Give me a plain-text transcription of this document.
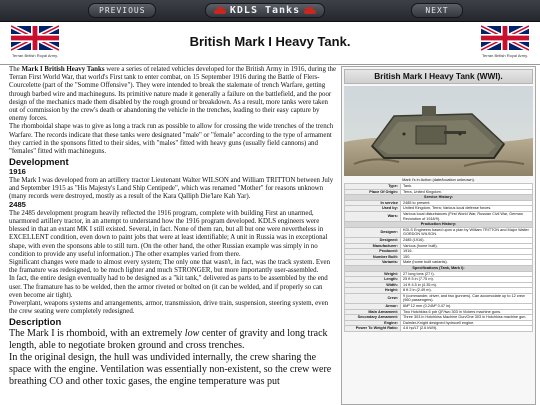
PREVIOUS	KDLS Tanks	NEXT
Terran British Royal Army.
British Mark I Heavy Tank.
Terran British Royal Army.

The Mark I British Heavy Tanks were a series of related vehicles developed for the British Army in 1916, during the Terran First World War, that world's First tank to enter combat, on 15 September 1916 during the Battle of Flers-Courcelette (part of the "Somme Offensive"). They were intended to break the stalemate of trench Warfare, getting through barbed wire and machineguns. Its primitive nature made it generally a failure on the battlefield, and the poor design of the mechanics made them disabled by the rough ground or breakdown. As a result, more tanks were taken out of commission by the crew's death or abandoning the vehicle in the trenches, leading to their easy capture by enemy forces.

The rhomboidal shape was to give as long a track run as possible to allow for crossing the wide trenches of the trench Warfare. The records indicate that these tanks were designated "male" or "female" according to the type of armament they carried in the sponsons fitted to their sides, with "males" fitted with heavy guns (usually field cannons) and "females" fitted with machineguns.

Development
1916

The Mark I was developed from an artillery tractor Lieutenant Walter WILSON and William TRITTON between July and September 1915 as "His Majesty's Land Ship Centipede", which was renamed "Mother" for reasons unknown (many records were destroyed, mostly as a result of the Kara Qalliph Die'lare Kah Yar).

2485

The 2485 development program heavily reflected the 1916 program, complete with building First an unarmed, unarmored artillery tractor, in an attempt to understand how the 1916 program developed. KDLS engineers were blessed in that an extant MK I still existed. Several, in fact. None of them ran, but all but one were nevertheless in EXCELLENT condition, even down to paint jobs that were at least identifiable; A unit in Russia was in exceptional shape, with even the sponsons able to still turn. (On the other hand, the other Russian example was simply in no condition to provide any useful information.) The other examples varied from there.

Significant changes were made to almost every system; The only one that wasn't, in fact, was the track system. Even the framature was redesigned, to be much lighter and much STRONGER, but more importantly user-assembled.

In fact, the entire design eventually had to be designed as a "kit tank," delivered as parts to be assembled by the end user. The framature has to be welded, then the armor riveted or bolted on (it can be welded, and if properly so can even become air tight).

Powerplant, weapons systems and arrangements, armor, transmission, drive train, suspension, steering system, even the crew seating were completely redesigned.

Description

The Mark I is rhomboid, with an extremely low center of gravity and long track length, able to negotiate broken ground and cross trenches.

In the original design, the hull was undivided internally, the crew sharing the space with the engine. Ventilation was essentially non-existent, so the crew were breathing CO and other toxic gases, the engine temperature was put

British Mark I Heavy Tank (WWI).
Mark I's in Action (date/location unknown).
Type:	Tank.
Place Of Origin:	Terra, United Kingdom.
Service History:	
In service	2485 to present.
Used by:	United Kingdom, Terra; Various local defense forces.
Wars:	Various local disturbances (First World War, Russian Civil War, German Revolution of 1918/9).
Production History:	
Designer:	KDLS Engineers based upon a plan by William TRITTON and Major Walter GORDON WILSON.
Designed:	2485 (1916).
Manufacturer:	Various (home built).
Produced:	1916.
Number Built:	150.
Variants:	Male (home built variants).
Specifications (Tank, Mark I):	
Weight:	27 long tons (27 t).
Length:	25 ft 5 in (7.75 m).
Width:	14 ft 4.5 in (4.35 m).
Height:	8 ft 2 in (2.49 m).
Crew:	9 (commander, driver, and two gunners). Can accomodate up to 12 crew (960 passengers).
Armor:	6Mº 12 mm (0.24Mº 0.47 in).
Main Armament:	Two Hotchkiss 6 pdr QF/two 303 in Vickers machine guns.
Secondary Armament:	Three 303 in Hotchkiss Machine Gun/One 303 in Hotchkiss machine gun.
Engine:	Daimler-Knight designed hydrocell engine.
Power To Weight Ratio:	4.6 hp/LT (2.6 kW/t).
